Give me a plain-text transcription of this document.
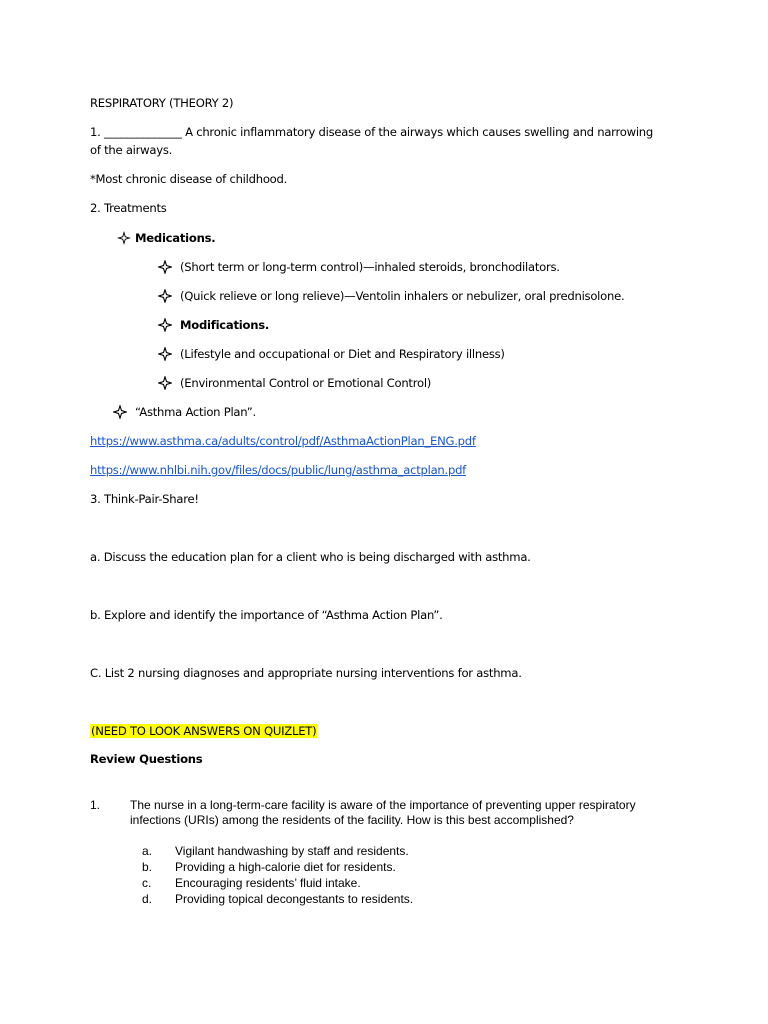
RESPIRATORY (THEORY 2)
1. ______________ A chronic inflammatory disease of the airways which causes swelling and narrowing
of the airways.
*Most chronic disease of childhood.
2. Treatments
Medications.
(Short term or long-term control)—inhaled steroids, bronchodilators.
(Quick relieve or long relieve)—Ventolin inhalers or nebulizer, oral prednisolone.
Modifications.
(Lifestyle and occupational or Diet and Respiratory illness)
(Environmental Control or Emotional Control)
“Asthma Action Plan”.
https://www.asthma.ca/adults/control/pdf/AsthmaActionPlan_ENG.pdf
https://www.nhlbi.nih.gov/files/docs/public/lung/asthma_actplan.pdf
3. Think-Pair-Share!
a. Discuss the education plan for a client who is being discharged with asthma.
b. Explore and identify the importance of “Asthma Action Plan”.
C. List 2 nursing diagnoses and appropriate nursing interventions for asthma.
(NEED TO LOOK ANSWERS ON QUIZLET)
Review Questions
1. The nurse in a long-term-care facility is aware of the importance of preventing upper respiratory
infections (URIs) among the residents of the facility. How is this best accomplished?
a. Vigilant handwashing by staff and residents.
b. Providing a high-calorie diet for residents.
c. Encouraging residents’ fluid intake.
d. Providing topical decongestants to residents.
